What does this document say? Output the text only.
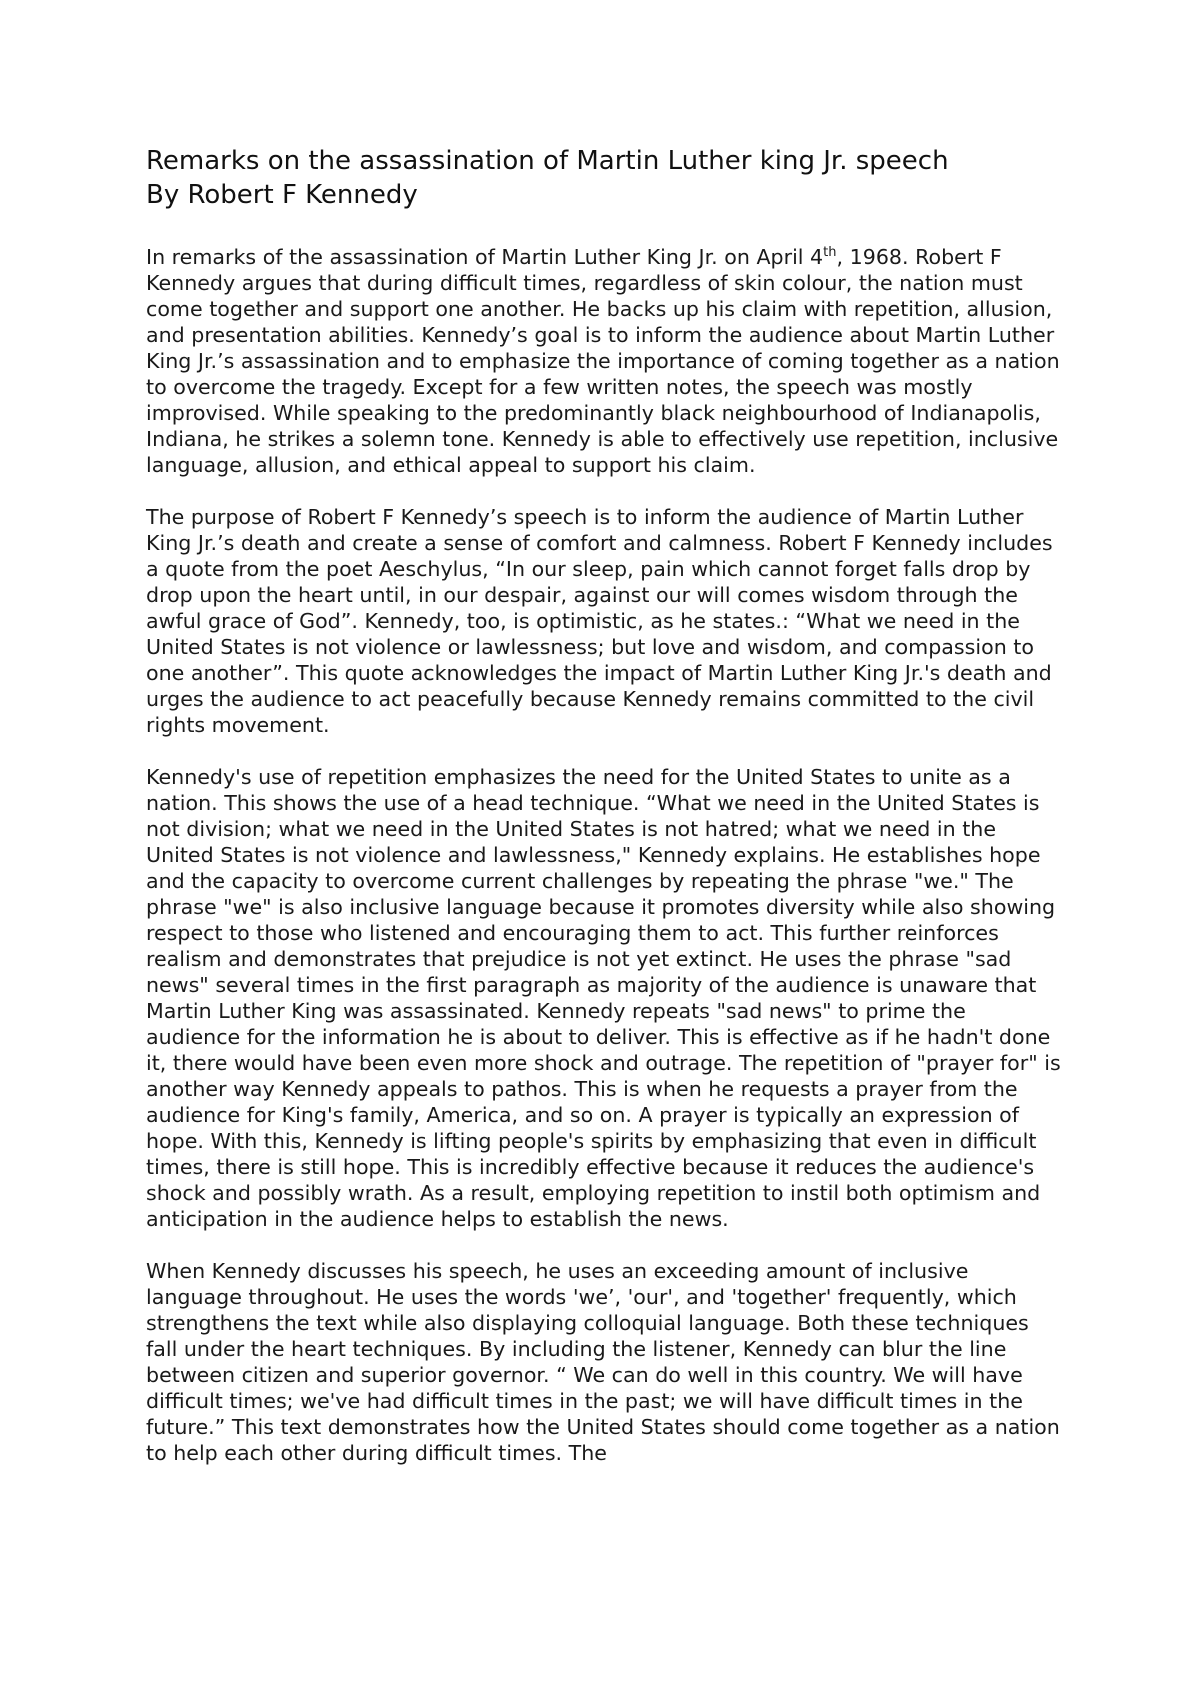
Remarks on the assassination of Martin Luther king Jr. speech
By Robert F Kennedy

In remarks of the assassination of Martin Luther King Jr. on April 4th, 1968. Robert F Kennedy argues that during difficult times, regardless of skin colour, the nation must come together and support one another. He backs up his claim with repetition, allusion, and presentation abilities. Kennedy’s goal is to inform the audience about Martin Luther King Jr.’s assassination and to emphasize the importance of coming together as a nation to overcome the tragedy. Except for a few written notes, the speech was mostly improvised. While speaking to the predominantly black neighbourhood of Indianapolis, Indiana, he strikes a solemn tone. Kennedy is able to effectively use repetition, inclusive language, allusion, and ethical appeal to support his claim.

The purpose of Robert F Kennedy’s speech is to inform the audience of Martin Luther King Jr.’s death and create a sense of comfort and calmness. Robert F Kennedy includes a quote from the poet Aeschylus, “In our sleep, pain which cannot forget falls drop by drop upon the heart until, in our despair, against our will comes wisdom through the awful grace of God”. Kennedy, too, is optimistic, as he states.: “What we need in the United States is not violence or lawlessness; but love and wisdom, and compassion to one another”. This quote acknowledges the impact of Martin Luther King Jr.'s death and urges the audience to act peacefully because Kennedy remains committed to the civil rights movement.

Kennedy's use of repetition emphasizes the need for the United States to unite as a nation. This shows the use of a head technique. “What we need in the United States is not division; what we need in the United States is not hatred; what we need in the United States is not violence and lawlessness," Kennedy explains. He establishes hope and the capacity to overcome current challenges by repeating the phrase "we." The phrase "we" is also inclusive language because it promotes diversity while also showing respect to those who listened and encouraging them to act. This further reinforces realism and demonstrates that prejudice is not yet extinct. He uses the phrase "sad news" several times in the first paragraph as majority of the audience is unaware that Martin Luther King was assassinated. Kennedy repeats "sad news" to prime the audience for the information he is about to deliver. This is effective as if he hadn't done it, there would have been even more shock and outrage. The repetition of "prayer for" is another way Kennedy appeals to pathos. This is when he requests a prayer from the audience for King's family, America, and so on. A prayer is typically an expression of hope. With this, Kennedy is lifting people's spirits by emphasizing that even in difficult times, there is still hope. This is incredibly effective because it reduces the audience's shock and possibly wrath. As a result, employing repetition to instil both optimism and anticipation in the audience helps to establish the news.

When Kennedy discusses his speech, he uses an exceeding amount of inclusive language throughout. He uses the words 'we’, 'our', and 'together' frequently, which strengthens the text while also displaying colloquial language. Both these techniques fall under the heart techniques. By including the listener, Kennedy can blur the line between citizen and superior governor. “ We can do well in this country. We will have difficult times; we've had difficult times in the past; we will have difficult times in the future.” This text demonstrates how the United States should come together as a nation to help each other during difficult times. The
